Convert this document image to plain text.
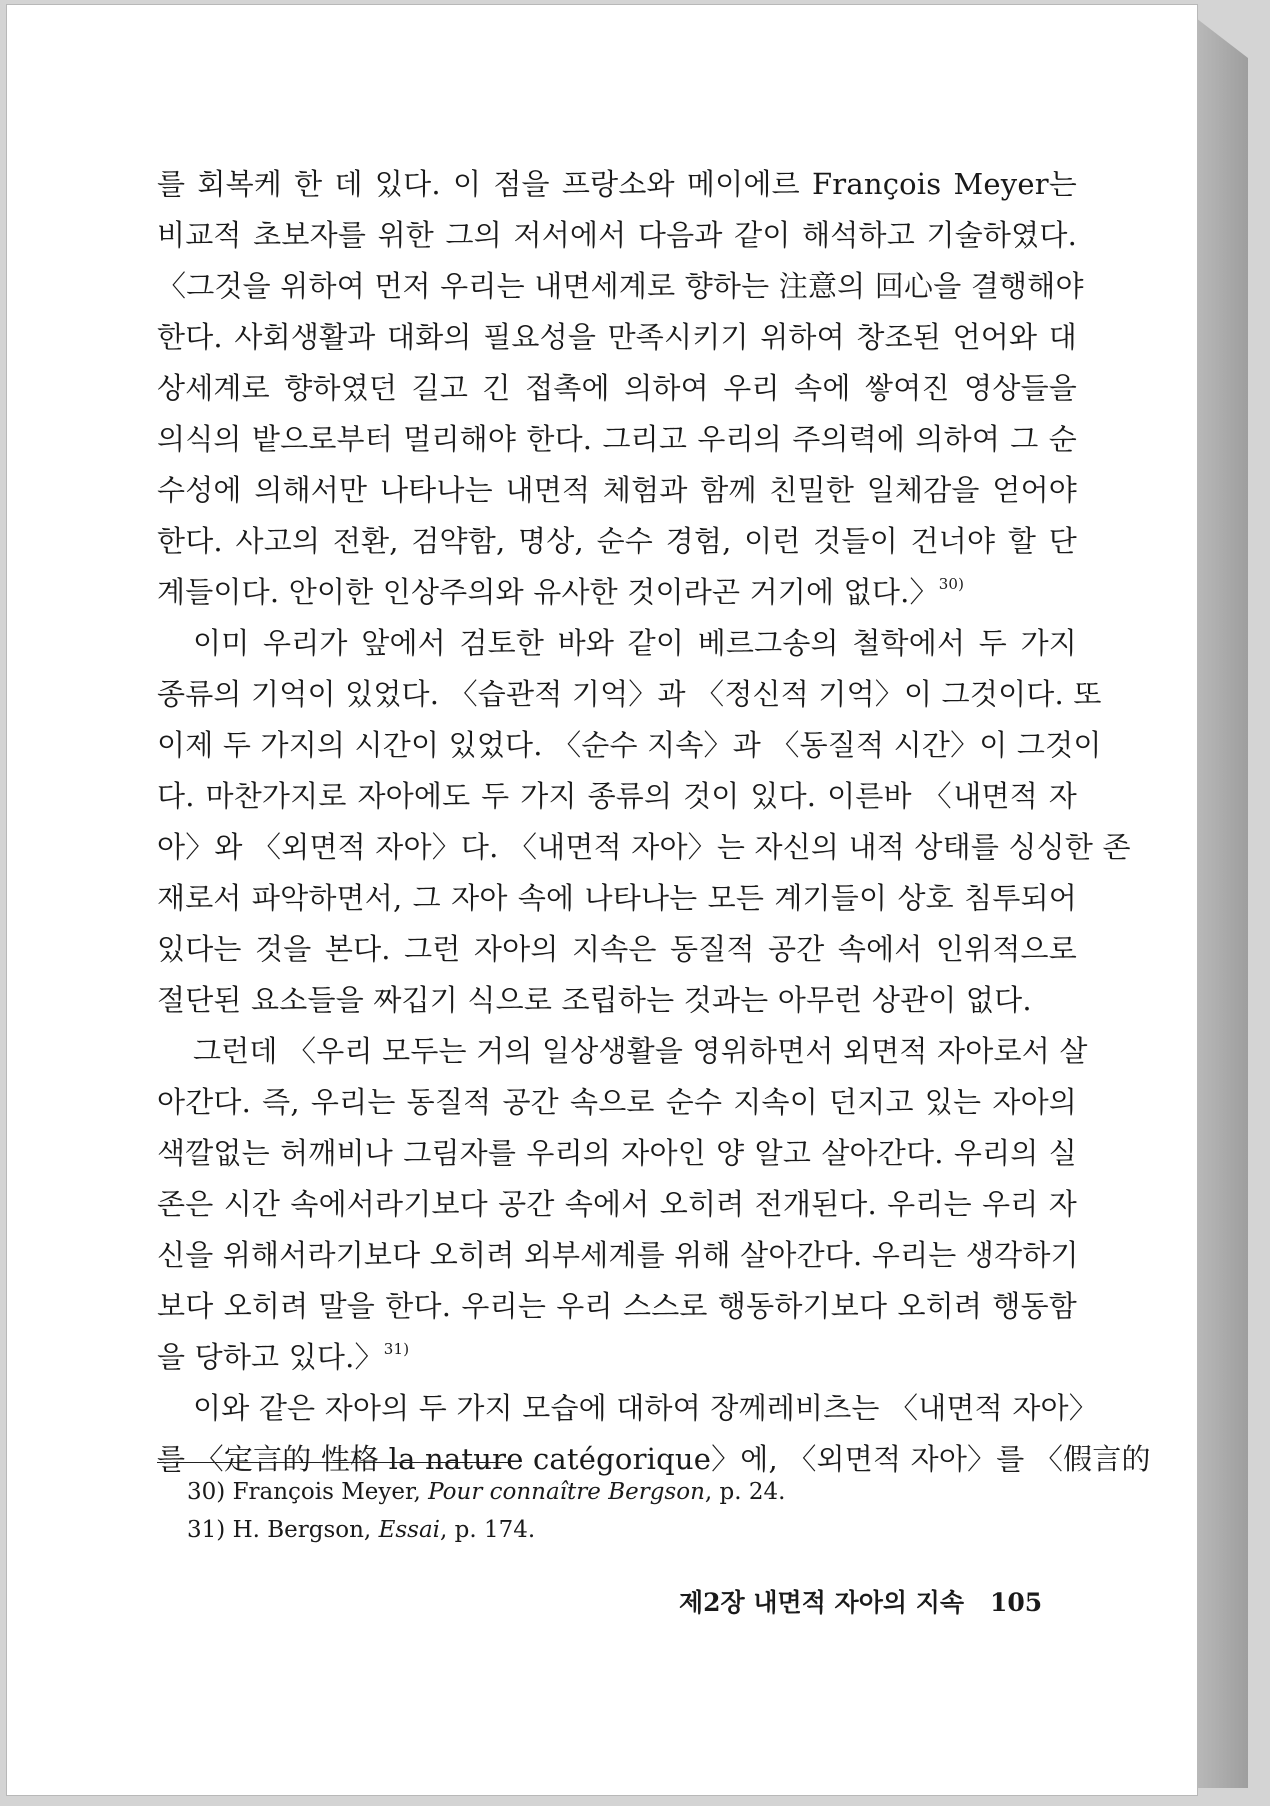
를 회복케 한 데 있다. 이 점을 프랑소와 메이에르 François Meyer는
비교적 초보자를 위한 그의 저서에서 다음과 같이 해석하고 기술하였다.
〈그것을 위하여 먼저 우리는 내면세계로 향하는 注意의 回心을 결행해야
한다. 사회생활과 대화의 필요성을 만족시키기 위하여 창조된 언어와 대
상세계로 향하였던 길고 긴 접촉에 의하여 우리 속에 쌓여진 영상들을
의식의 밭으로부터 멀리해야 한다. 그리고 우리의 주의력에 의하여 그 순
수성에 의해서만 나타나는 내면적 체험과 함께 친밀한 일체감을 얻어야
한다. 사고의 전환, 검약함, 명상, 순수 경험, 이런 것들이 건너야 할 단
계들이다. 안이한 인상주의와 유사한 것이라곤 거기에 없다.〉$^{30)}$
이미 우리가 앞에서 검토한 바와 같이 베르그송의 철학에서 두 가지
종류의 기억이 있었다. 〈습관적 기억〉과 〈정신적 기억〉이 그것이다. 또
이제 두 가지의 시간이 있었다. 〈순수 지속〉과 〈동질적 시간〉이 그것이
다. 마찬가지로 자아에도 두 가지 종류의 것이 있다. 이른바 〈내면적 자
아〉와 〈외면적 자아〉다. 〈내면적 자아〉는 자신의 내적 상태를 싱싱한 존
재로서 파악하면서, 그 자아 속에 나타나는 모든 계기들이 상호 침투되어
있다는 것을 본다. 그런 자아의 지속은 동질적 공간 속에서 인위적으로
절단된 요소들을 짜깁기 식으로 조립하는 것과는 아무런 상관이 없다.
그런데 〈우리 모두는 거의 일상생활을 영위하면서 외면적 자아로서 살
아간다. 즉, 우리는 동질적 공간 속으로 순수 지속이 던지고 있는 자아의
색깔없는 허깨비나 그림자를 우리의 자아인 양 알고 살아간다. 우리의 실
존은 시간 속에서라기보다 공간 속에서 오히려 전개된다. 우리는 우리 자
신을 위해서라기보다 오히려 외부세계를 위해 살아간다. 우리는 생각하기
보다 오히려 말을 한다. 우리는 우리 스스로 행동하기보다 오히려 행동함
을 당하고 있다.〉$^{31)}$
이와 같은 자아의 두 가지 모습에 대하여 장께레비츠는 〈내면적 자아〉
를 〈定言的 性格 la nature catégorique〉에, 〈외면적 자아〉를 〈假言的
30) François Meyer, Pour connaître Bergson, p. 24.
31) H. Bergson, Essai, p. 174.
제2장 내면적 자아의 지속 105
